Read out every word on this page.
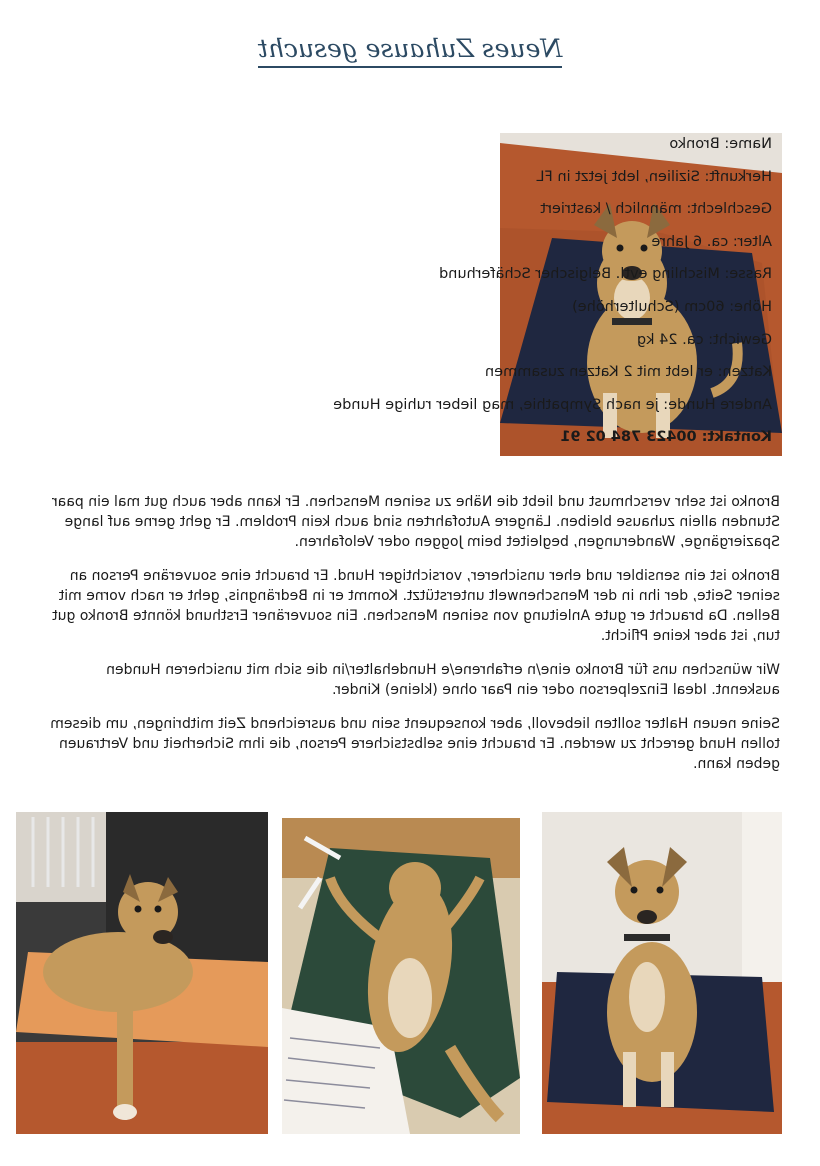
Neues Zuhause gesucht
Name: Bronko
Herkunft: Sizilien, lebt jetzt in FL
Geschlecht: männlich / kastriert
Alter: ca. 6 Jahre
Rasse: Mischling evtl. Belgischer Schäferhund
Höhe: 60cm (Schulterhöhe)
Gewicht: ca. 24 kg
Katzen: er lebt mit 2 Katzen zusammen
Andere Hunde: je nach Sympathie, mag lieber ruhige Hunde
Kontakt: 00423 784 02 91

Bronko ist sehr verschmust und liebt die Nähe zu seinen Menschen. Er kann aber auch gut mal ein paar Stunden allein zuhause bleiben. Längere Autofahrten sind auch kein Problem. Er geht gerne auf lange Spaziergänge, Wanderungen, begleitet beim Joggen oder Velofahren.

Bronko ist ein sensibler und eher unsicherer, vorsichtiger Hund. Er braucht eine souveräne Person an seiner Seite, der ihn in der Menschenwelt unterstützt. Kommt er in Bedrängnis, geht er nach vorne mit Bellen. Da braucht er gute Anleitung von seinen Menschen. Ein souveräner Ersthund könnte Bronko gut tun, ist aber keine Pflicht.

Wir wünschen uns für Bronko eine/n erfahrene/e Hundehalter/in die sich mit unsicheren Hunden auskennt. Ideal Einzelperson oder ein Paar ohne (kleine) Kinder.

Seine neuen Halter sollten liebevoll, aber konsequent sein und ausreichend Zeit mitbringen, um diesem tollen Hund gerecht zu werden. Er braucht eine selbstsichere Person, die ihm Sicherheit und Vertrauen geben kann.
